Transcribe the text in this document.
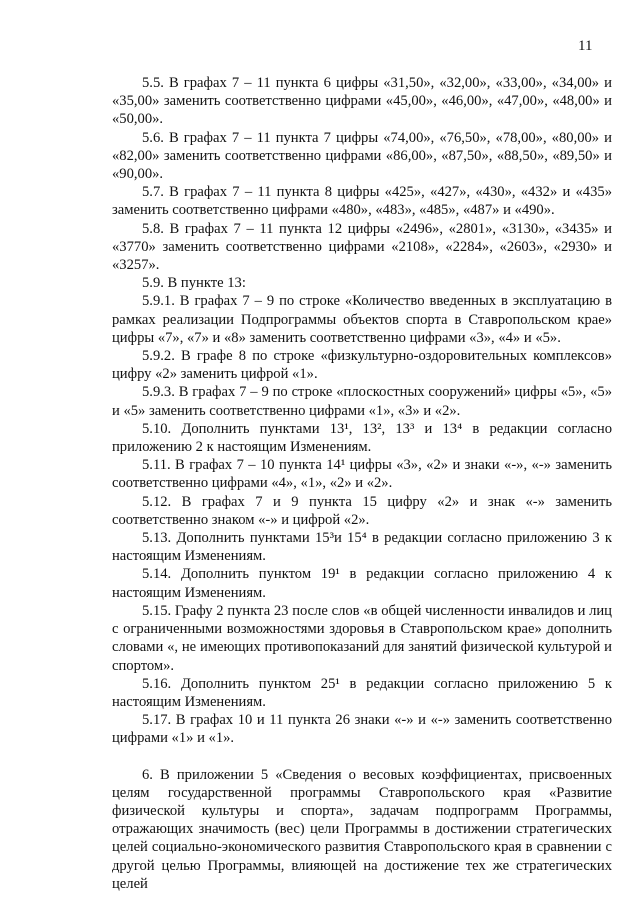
11

5.5. В графах 7 – 11 пункта 6 цифры «31,50», «32,00», «33,00», «34,00» и «35,00» заменить соответственно цифрами «45,00», «46,00», «47,00», «48,00» и «50,00».

5.6. В графах 7 – 11 пункта 7 цифры «74,00», «76,50», «78,00», «80,00» и «82,00» заменить соответственно цифрами «86,00», «87,50», «88,50», «89,50» и «90,00».

5.7. В графах 7 – 11 пункта 8 цифры «425», «427», «430», «432» и «435» заменить соответственно цифрами «480», «483», «485», «487» и «490».

5.8. В графах 7 – 11 пункта 12 цифры «2496», «2801», «3130», «3435» и «3770» заменить соответственно цифрами «2108», «2284», «2603», «2930» и «3257».

5.9. В пункте 13:

5.9.1. В графах 7 – 9 по строке «Количество введенных в эксплуатацию в рамках реализации Подпрограммы объектов спорта в Ставропольском крае» цифры «7», «7» и «8» заменить соответственно цифрами «3», «4» и «5».

5.9.2. В графе 8 по строке «физкультурно-оздоровительных комплексов» цифру «2» заменить цифрой «1».

5.9.3. В графах 7 – 9 по строке «плоскостных сооружений» цифры «5», «5» и «5» заменить соответственно цифрами «1», «3» и «2».

5.10. Дополнить пунктами 13¹, 13², 13³ и 13⁴ в редакции согласно приложению 2 к настоящим Изменениям.

5.11. В графах 7 – 10 пункта 14¹ цифры «3», «2» и знаки «-», «-» заменить соответственно цифрами «4», «1», «2» и «2».

5.12. В графах 7 и 9 пункта 15 цифру «2» и знак «-» заменить соответственно знаком «-» и цифрой «2».

5.13. Дополнить пунктами 15³и 15⁴ в редакции согласно приложению 3 к настоящим Изменениям.

5.14. Дополнить пунктом 19¹ в редакции согласно приложению 4 к настоящим Изменениям.

5.15. Графу 2 пункта 23 после слов «в общей численности инвалидов и лиц с ограниченными возможностями здоровья в Ставропольском крае» дополнить словами «, не имеющих противопоказаний для занятий физической культурой и спортом».

5.16. Дополнить пунктом 25¹ в редакции согласно приложению 5 к настоящим Изменениям.

5.17. В графах 10 и 11 пункта 26 знаки «-» и «-» заменить соответственно цифрами «1» и «1».

6. В приложении 5 «Сведения о весовых коэффициентах, присвоенных целям государственной программы Ставропольского края «Развитие физической культуры и спорта», задачам подпрограмм Программы, отражающих значимость (вес) цели Программы в достижении стратегических целей социально-экономического развития Ставропольского края в сравнении с другой целью Программы, влияющей на достижение тех же стратегических целей
